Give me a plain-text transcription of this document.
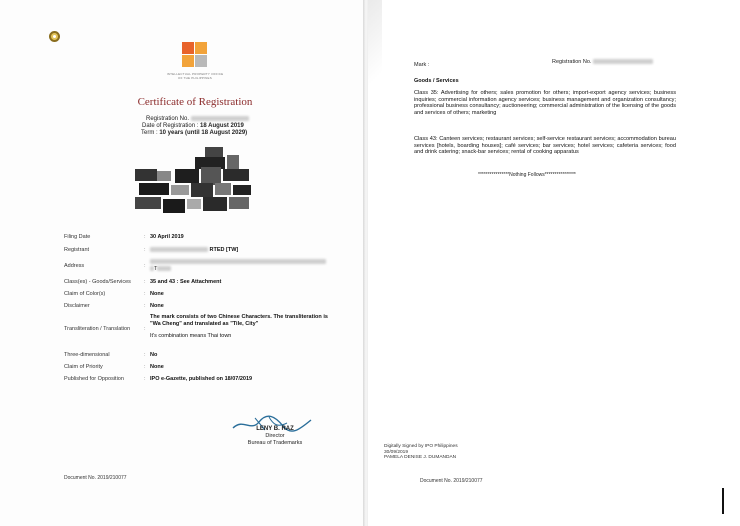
INTELLECTUAL PROPERTY OFFICE OF THE PHILIPPINES
Certificate of Registration
Registration No.
Date of Registration : 18 August 2019
Term : 10 years (until 18 August 2029)
Filing Date	: 30 April 2019
Registrant	:	RTED [TW]
Address	:	T
Class(es) - Goods/Services	: 35 and 43 : See Attachment
Claim of Color(s)	: None
Disclaimer	: None
Transliteration / Translation	:
The mark consists of two Chinese Characters. The transliteration is "Wa Cheng" and translated as "Tile, City"
It's combination means Thai town
Three-dimensional	: No
Claim of Priority	: None
Published for Opposition	: IPO e-Gazette, published on 18/07/2019
LENY B. RAZ
Director
Bureau of Trademarks
Document No. 2019/210077
Mark :	Registration No.
Goods / Services
Class 35: Advertising for others; sales promotion for others; import-export agency services; business inquiries; commercial information agency services; business management and organization consultancy; professional business consultancy; auctioneering; commercial administration of the licensing of the goods and services of others; marketing
Class 43: Canteen services; restaurant services; self-service restaurant services; accommodation bureau services [hotels, boarding houses]; café services; bar services; hotel services; cafeteria services; food and drink catering; snack-bar services; rental of cooking apparatus
****************Nothing Follows****************
Digitally Signed by IPO Philippines
30/09/2019
PAMELA DENISE J. DUMANDAN
Document No. 2019/210077
